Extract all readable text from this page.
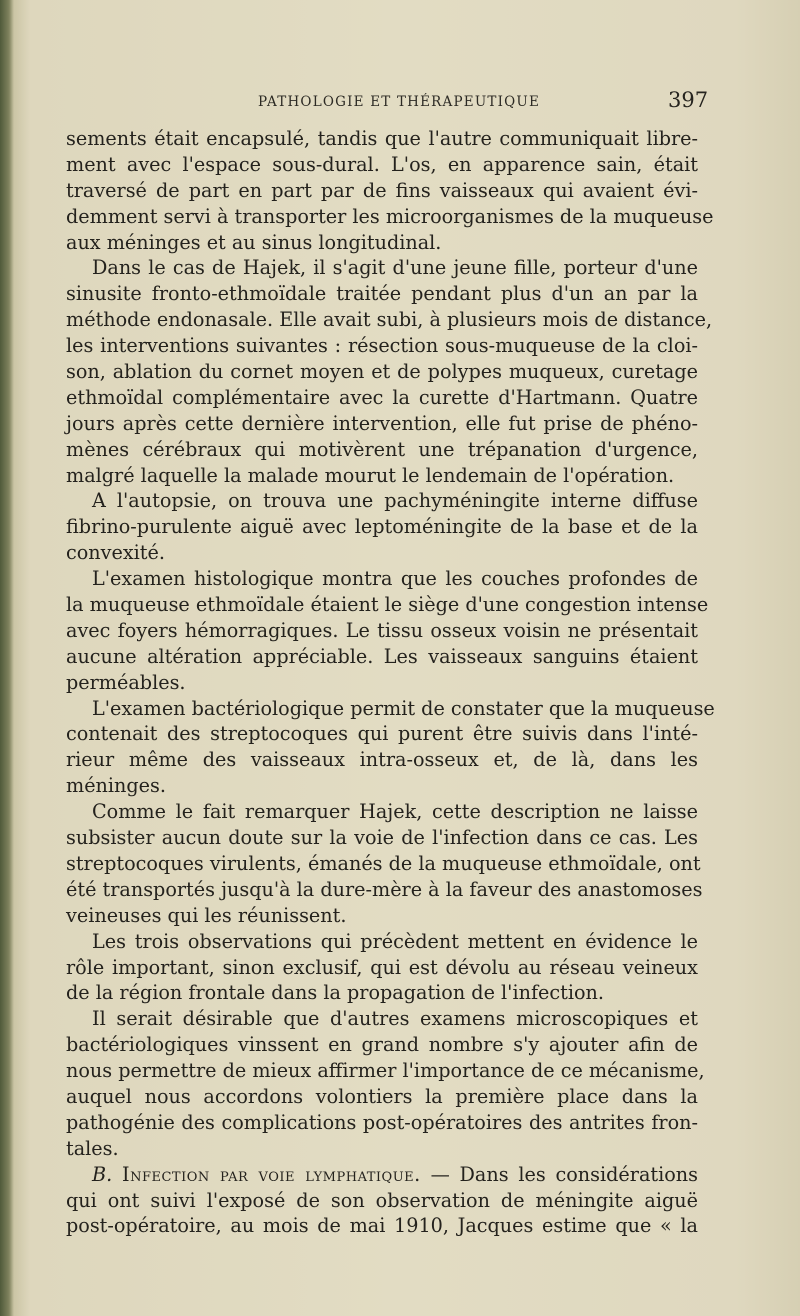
PATHOLOGIE ET THÉRAPEUTIQUE	397
sements était encapsulé, tandis que l'autre communiquait libre-
ment avec l'espace sous-dural. L'os, en apparence sain, était
traversé de part en part par de fins vaisseaux qui avaient évi-
demment servi à transporter les microorganismes de la muqueuse
aux méninges et au sinus longitudinal.
Dans le cas de Hajek, il s'agit d'une jeune fille, porteur d'une
sinusite fronto-ethmoïdale traitée pendant plus d'un an par la
méthode endonasale. Elle avait subi, à plusieurs mois de distance,
les interventions suivantes : résection sous-muqueuse de la cloi-
son, ablation du cornet moyen et de polypes muqueux, curetage
ethmoïdal complémentaire avec la curette d'Hartmann. Quatre
jours après cette dernière intervention, elle fut prise de phéno-
mènes cérébraux qui motivèrent une trépanation d'urgence,
malgré laquelle la malade mourut le lendemain de l'opération.
A l'autopsie, on trouva une pachyméningite interne diffuse
fibrino-purulente aiguë avec leptoméningite de la base et de la
convexité.
L'examen histologique montra que les couches profondes de
la muqueuse ethmoïdale étaient le siège d'une congestion intense
avec foyers hémorragiques. Le tissu osseux voisin ne présentait
aucune altération appréciable. Les vaisseaux sanguins étaient
perméables.
L'examen bactériologique permit de constater que la muqueuse
contenait des streptocoques qui purent être suivis dans l'inté-
rieur même des vaisseaux intra-osseux et, de là, dans les
méninges.
Comme le fait remarquer Hajek, cette description ne laisse
subsister aucun doute sur la voie de l'infection dans ce cas. Les
streptocoques virulents, émanés de la muqueuse ethmoïdale, ont
été transportés jusqu'à la dure-mère à la faveur des anastomoses
veineuses qui les réunissent.
Les trois observations qui précèdent mettent en évidence le
rôle important, sinon exclusif, qui est dévolu au réseau veineux
de la région frontale dans la propagation de l'infection.
Il serait désirable que d'autres examens microscopiques et
bactériologiques vinssent en grand nombre s'y ajouter afin de
nous permettre de mieux affirmer l'importance de ce mécanisme,
auquel nous accordons volontiers la première place dans la
pathogénie des complications post-opératoires des antrites fron-
tales.
B. Infection par voie lymphatique. — Dans les considérations
qui ont suivi l'exposé de son observation de méningite aiguë
post-opératoire, au mois de mai 1910, Jacques estime que « la
